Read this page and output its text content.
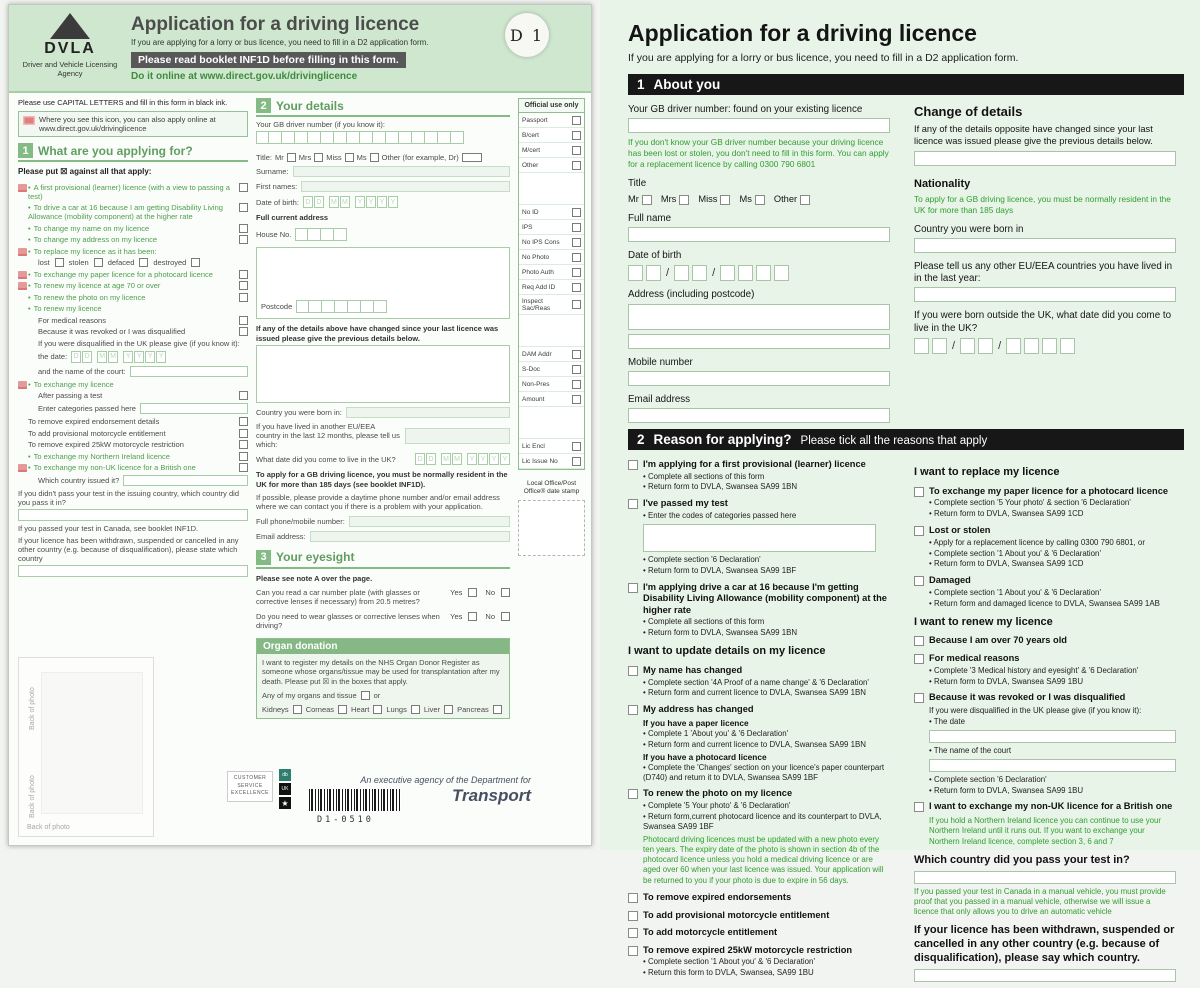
DVLA
Driver and Vehicle Licensing Agency
Application for a driving licence
If you are applying for a lorry or bus licence, you need to fill in a D2 application form.
Please read booklet INF1D before filling in this form.
Do it online at www.direct.gov.uk/drivinglicence
D 1
Please use CAPITAL LETTERS and fill in this form in black ink.
Where you see this icon, you can also apply online at www.direct.gov.uk/drivinglicence
1 What are you applying for?
Please put ☒ against all that apply:
• A first provisional (learner) licence (with a view to passing a test)
• To drive a car at 16 because I am getting Disability Living Allowance (mobility component) at the higher rate
• To change my name on my licence
• To change my address on my licence
• To replace my licence as it has been:
lost	stolen	defaced	destroyed
• To exchange my paper licence for a photocard licence
• To renew my licence at age 70 or over
• To renew the photo on my licence
• To renew my licence
For medical reasons
Because it was revoked or I was disqualified
If you were disqualified in the UK please give (if you know it):
the date: D D	M M	Y Y Y Y
and the name of the court:
• To exchange my licence
After passing a test
Enter categories passed here
To remove expired endorsement details
To add provisional motorcycle entitlement
To remove expired 25kW motorcycle restriction
• To exchange my Northern Ireland licence
• To exchange my non-UK licence for a British one
Which country issued it?
If you didn't pass your test in the issuing country, which country did you pass it in?
If you passed your test in Canada, see booklet INF1D.
If your licence has been withdrawn, suspended or cancelled in any other country (e.g. because of disqualification), please state which country
Back of photo
Back of photo
Back of photo
2 Your details
Your GB driver number (if you know it):
Title: Mr Mrs Miss Ms Other (for example, Dr)
Surname:
First names:
Date of birth: D D	M M	Y Y Y Y
Full current address
House No.
Postcode
If any of the details above have changed since your last licence was issued please give the previous details below.
Country you were born in:
If you have lived in another EU/EEA country in the last 12 months, please tell us which:
What date did you come to live in the UK?	D D	M M	Y Y Y Y
To apply for a GB driving licence, you must be normally resident in the UK for more than 185 days (see booklet INF1D).
If possible, please provide a daytime phone number and/or email address where we can contact you if there is a problem with your application.
Full phone/mobile number:
Email address:
3 Your eyesight
Please see note A over the page.
Can you read a car number plate (with glasses or corrective lenses if necessary) from 20.5 metres?
Yes	No
Do you need to wear glasses or corrective lenses when driving?
Yes	No
Organ donation
I want to register my details on the NHS Organ Donor Register as someone whose organs/tissue may be used for transplantation after my death. Please put ☒ in the boxes that apply.
Any of my organs and tissue or
Kidneys Corneas Heart Lungs Liver Pancreas
Official use only
Passport
B/cert
M/cert
Other
No ID
IPS
No IPS Cons
No Photo
Photo Auth
Req Add ID
Inspect Sac/Reas
DAM Addr
S-Doc
Non-Pres
Amount
Lic Encl
Lic Issue No
Local Office/Post Office® date stamp
CUSTOMER SERVICE EXCELLENCE
db
UK
★
D1-0510
An executive agency of the Department for
Transport
Application for a driving licence
If you are applying for a lorry or bus licence, you need to fill in a D2 application form.
1 About you
Your GB driver number: found on your existing licence
If you don't know your GB driver number because your driving licence has been lost or stolen, you don't need to fill in this form. You can apply for a replacement licence by calling 0300 790 6801
Title
Mr Mrs Miss Ms Other
Full name
Date of birth
/	/
Address (including postcode)
Mobile number
Email address
Change of details
If any of the details opposite have changed since your last licence was issued please give the previous details below.
Nationality
To apply for a GB driving licence, you must be normally resident in the UK for more than 185 days
Country you were born in
Please tell us any other EU/EEA countries you have lived in in the last year:
If you were born outside the UK, what date did you come to live in the UK?
/	/
2 Reason for applying? Please tick all the reasons that apply
I'm applying for a first provisional (learner) licence
• Complete all sections of this form
• Return form to DVLA, Swansea SA99 1BN
I've passed my test
• Enter the codes of categories passed here
• Complete section '6 Declaration'
• Return form to DVLA, Swansea SA99 1BF
I'm applying drive a car at 16 because I'm getting Disability Living Allowance (mobility component) at the higher rate
• Complete all sections of this form
• Return form to DVLA, Swansea SA99 1BN
I want to update details on my licence
My name has changed
• Complete section '4A Proof of a name change' & '6 Declaration'
• Return form and current licence to DVLA, Swansea SA99 1BN
My address has changed
If you have a paper licence
• Complete 1 'About you' & '6 Declaration'
• Return form and current licence to DVLA, Swansea SA99 1BN
If you have a photocard licence
• Complete the 'Changes' section on your licence's paper counterpart (D740) and return it to DVLA, Swansea SA99 1BF
To renew the photo on my licence
• Complete '5 Your photo' & '6 Declaration'
• Return form,current photocard licence and its counterpart to DVLA, Swansea SA99 1BF
Photocard driving licences must be updated with a new photo every ten years. The expiry date of the photo is shown in section 4b of the photocard licence unless you hold a medical driving licence or are aged over 60 when your last licence was issued. Your application will be returned to you if your photo is due to expire in 56 days.
To remove expired endorsements
To add provisional motorcycle entitlement
To add motorcycle entitlement
To remove expired 25kW motorcycle restriction
• Complete section '1 About you' & '6 Declaration'
• Return this form to DVLA, Swansea, SA99 1BU
I want to replace my licence
To exchange my paper licence for a photocard licence
• Complete section '5 Your photo' & section '6 Declaration'
• Return form to DVLA, Swansea SA99 1CD
Lost or stolen
• Apply for a replacement licence by calling 0300 790 6801, or
• Complete section '1 About you' & '6 Declaration'
• Return form to DVLA, Swansea SA99 1CD
Damaged
• Complete section '1 About you' & '6 Declaration'
• Return form and damaged licence to DVLA, Swansea SA99 1AB
I want to renew my licence
Because I am over 70 years old
For medical reasons
• Complete '3 Medical history and eyesight' & '6 Declaration'
• Return form to DVLA, Swansea SA99 1BU
Because it was revoked or I was disqualified
If you were disqualified in the UK please give (if you know it):
• The date
• The name of the court
• Complete section '6 Declaration'
• Return form to DVLA, Swansea SA99 1BU
I want to exchange my non-UK licence for a British one
If you hold a Northern Ireland licence you can continue to use your Northern Ireland until it runs out. If you want to exchange your Northern Ireland licence, complete section 3, 6 and 7
Which country did you pass your test in?
If you passed your test in Canada in a manual vehicle, you must provide proof that you passed in a manual vehicle, otherwise we will issue a licence that only allows you to drive an automatic vehicle
If your licence has been withdrawn, suspended or cancelled in any other country (e.g. because of disqualification), please say which country.
